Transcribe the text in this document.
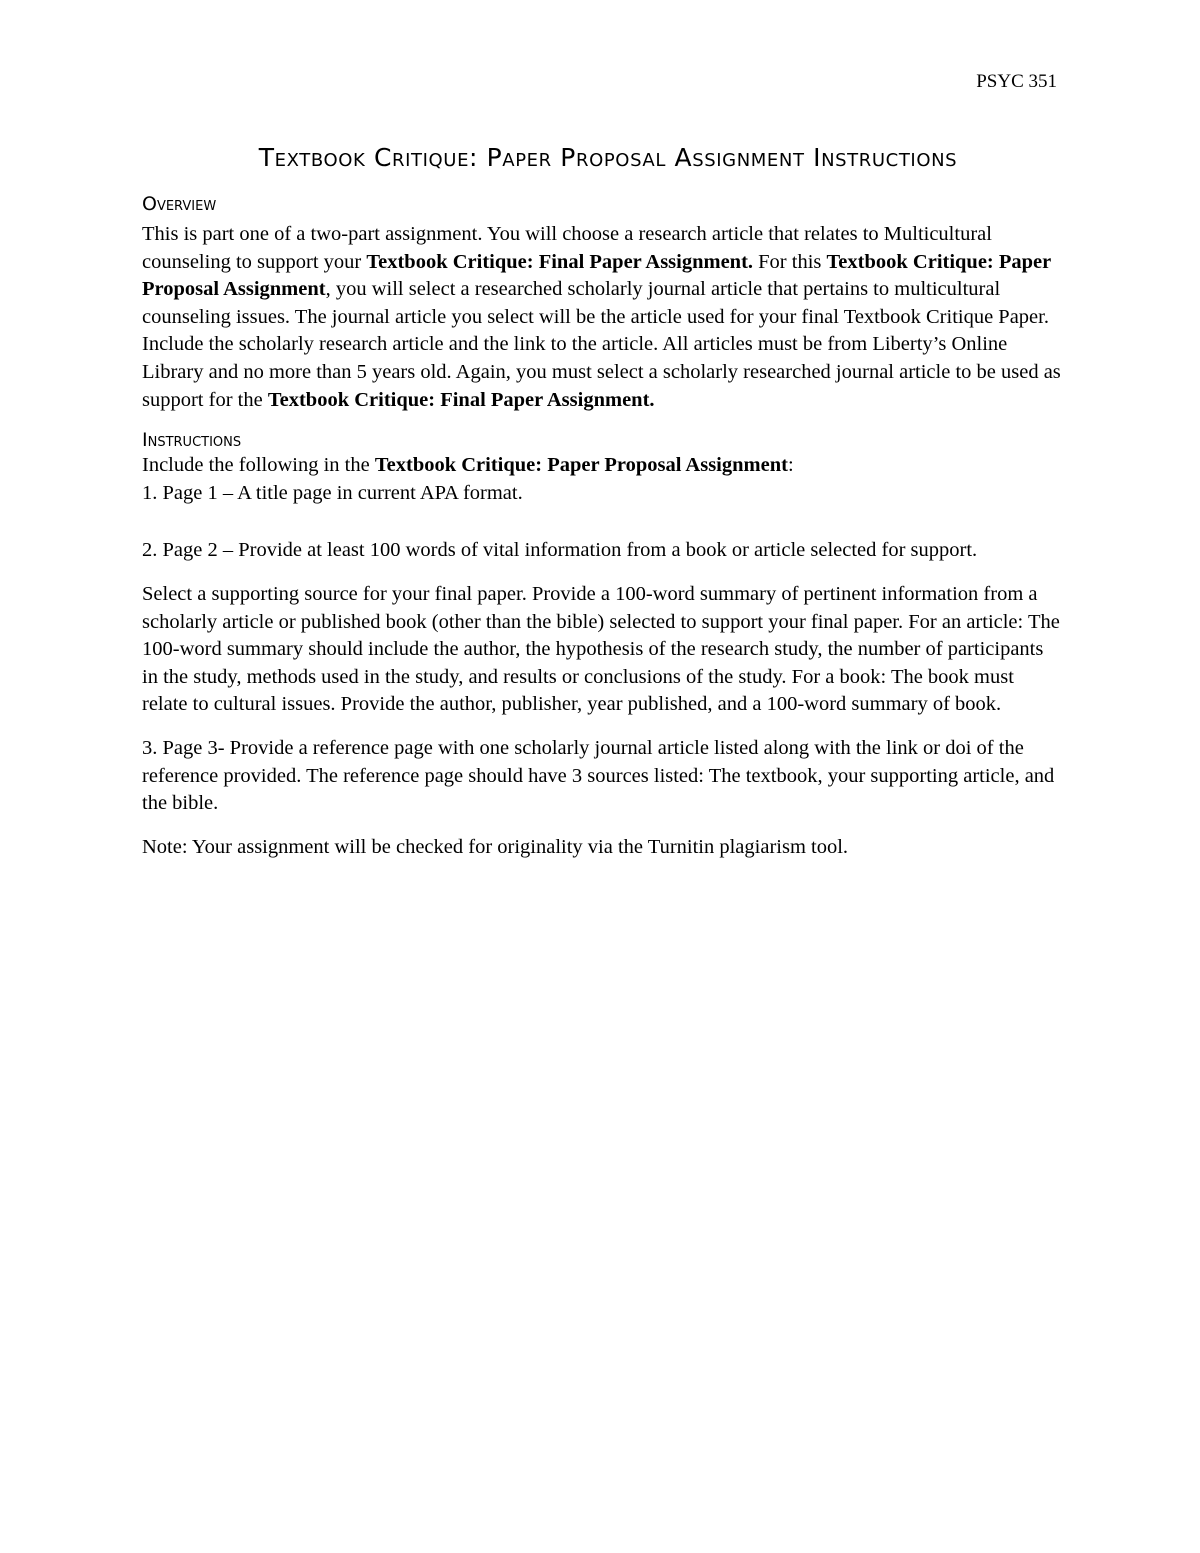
PSYC 351
Textbook Critique: Paper Proposal Assignment Instructions
Overview

This is part one of a two-part assignment. You will choose a research article that relates to Multicultural counseling to support your Textbook Critique: Final Paper Assignment. For this Textbook Critique: Paper Proposal Assignment, you will select a researched scholarly journal article that pertains to multicultural counseling issues. The journal article you select will be the article used for your final Textbook Critique Paper. Include the scholarly research article and the link to the article. All articles must be from Liberty’s Online Library and no more than 5 years old. Again, you must select a scholarly researched journal article to be used as support for the Textbook Critique: Final Paper Assignment.

Instructions

Include the following in the Textbook Critique: Paper Proposal Assignment:

1. Page 1 – A title page in current APA format.

2. Page 2 – Provide at least 100 words of vital information from a book or article selected for support.

Select a supporting source for your final paper. Provide a 100-word summary of pertinent information from a scholarly article or published book (other than the bible) selected to support your final paper. For an article: The 100-word summary should include the author, the hypothesis of the research study, the number of participants in the study, methods used in the study, and results or conclusions of the study. For a book: The book must relate to cultural issues. Provide the author, publisher, year published, and a 100-word summary of book.

3. Page 3- Provide a reference page with one scholarly journal article listed along with the link or doi of the reference provided. The reference page should have 3 sources listed: The textbook, your supporting article, and the bible.

Note: Your assignment will be checked for originality via the Turnitin plagiarism tool.
